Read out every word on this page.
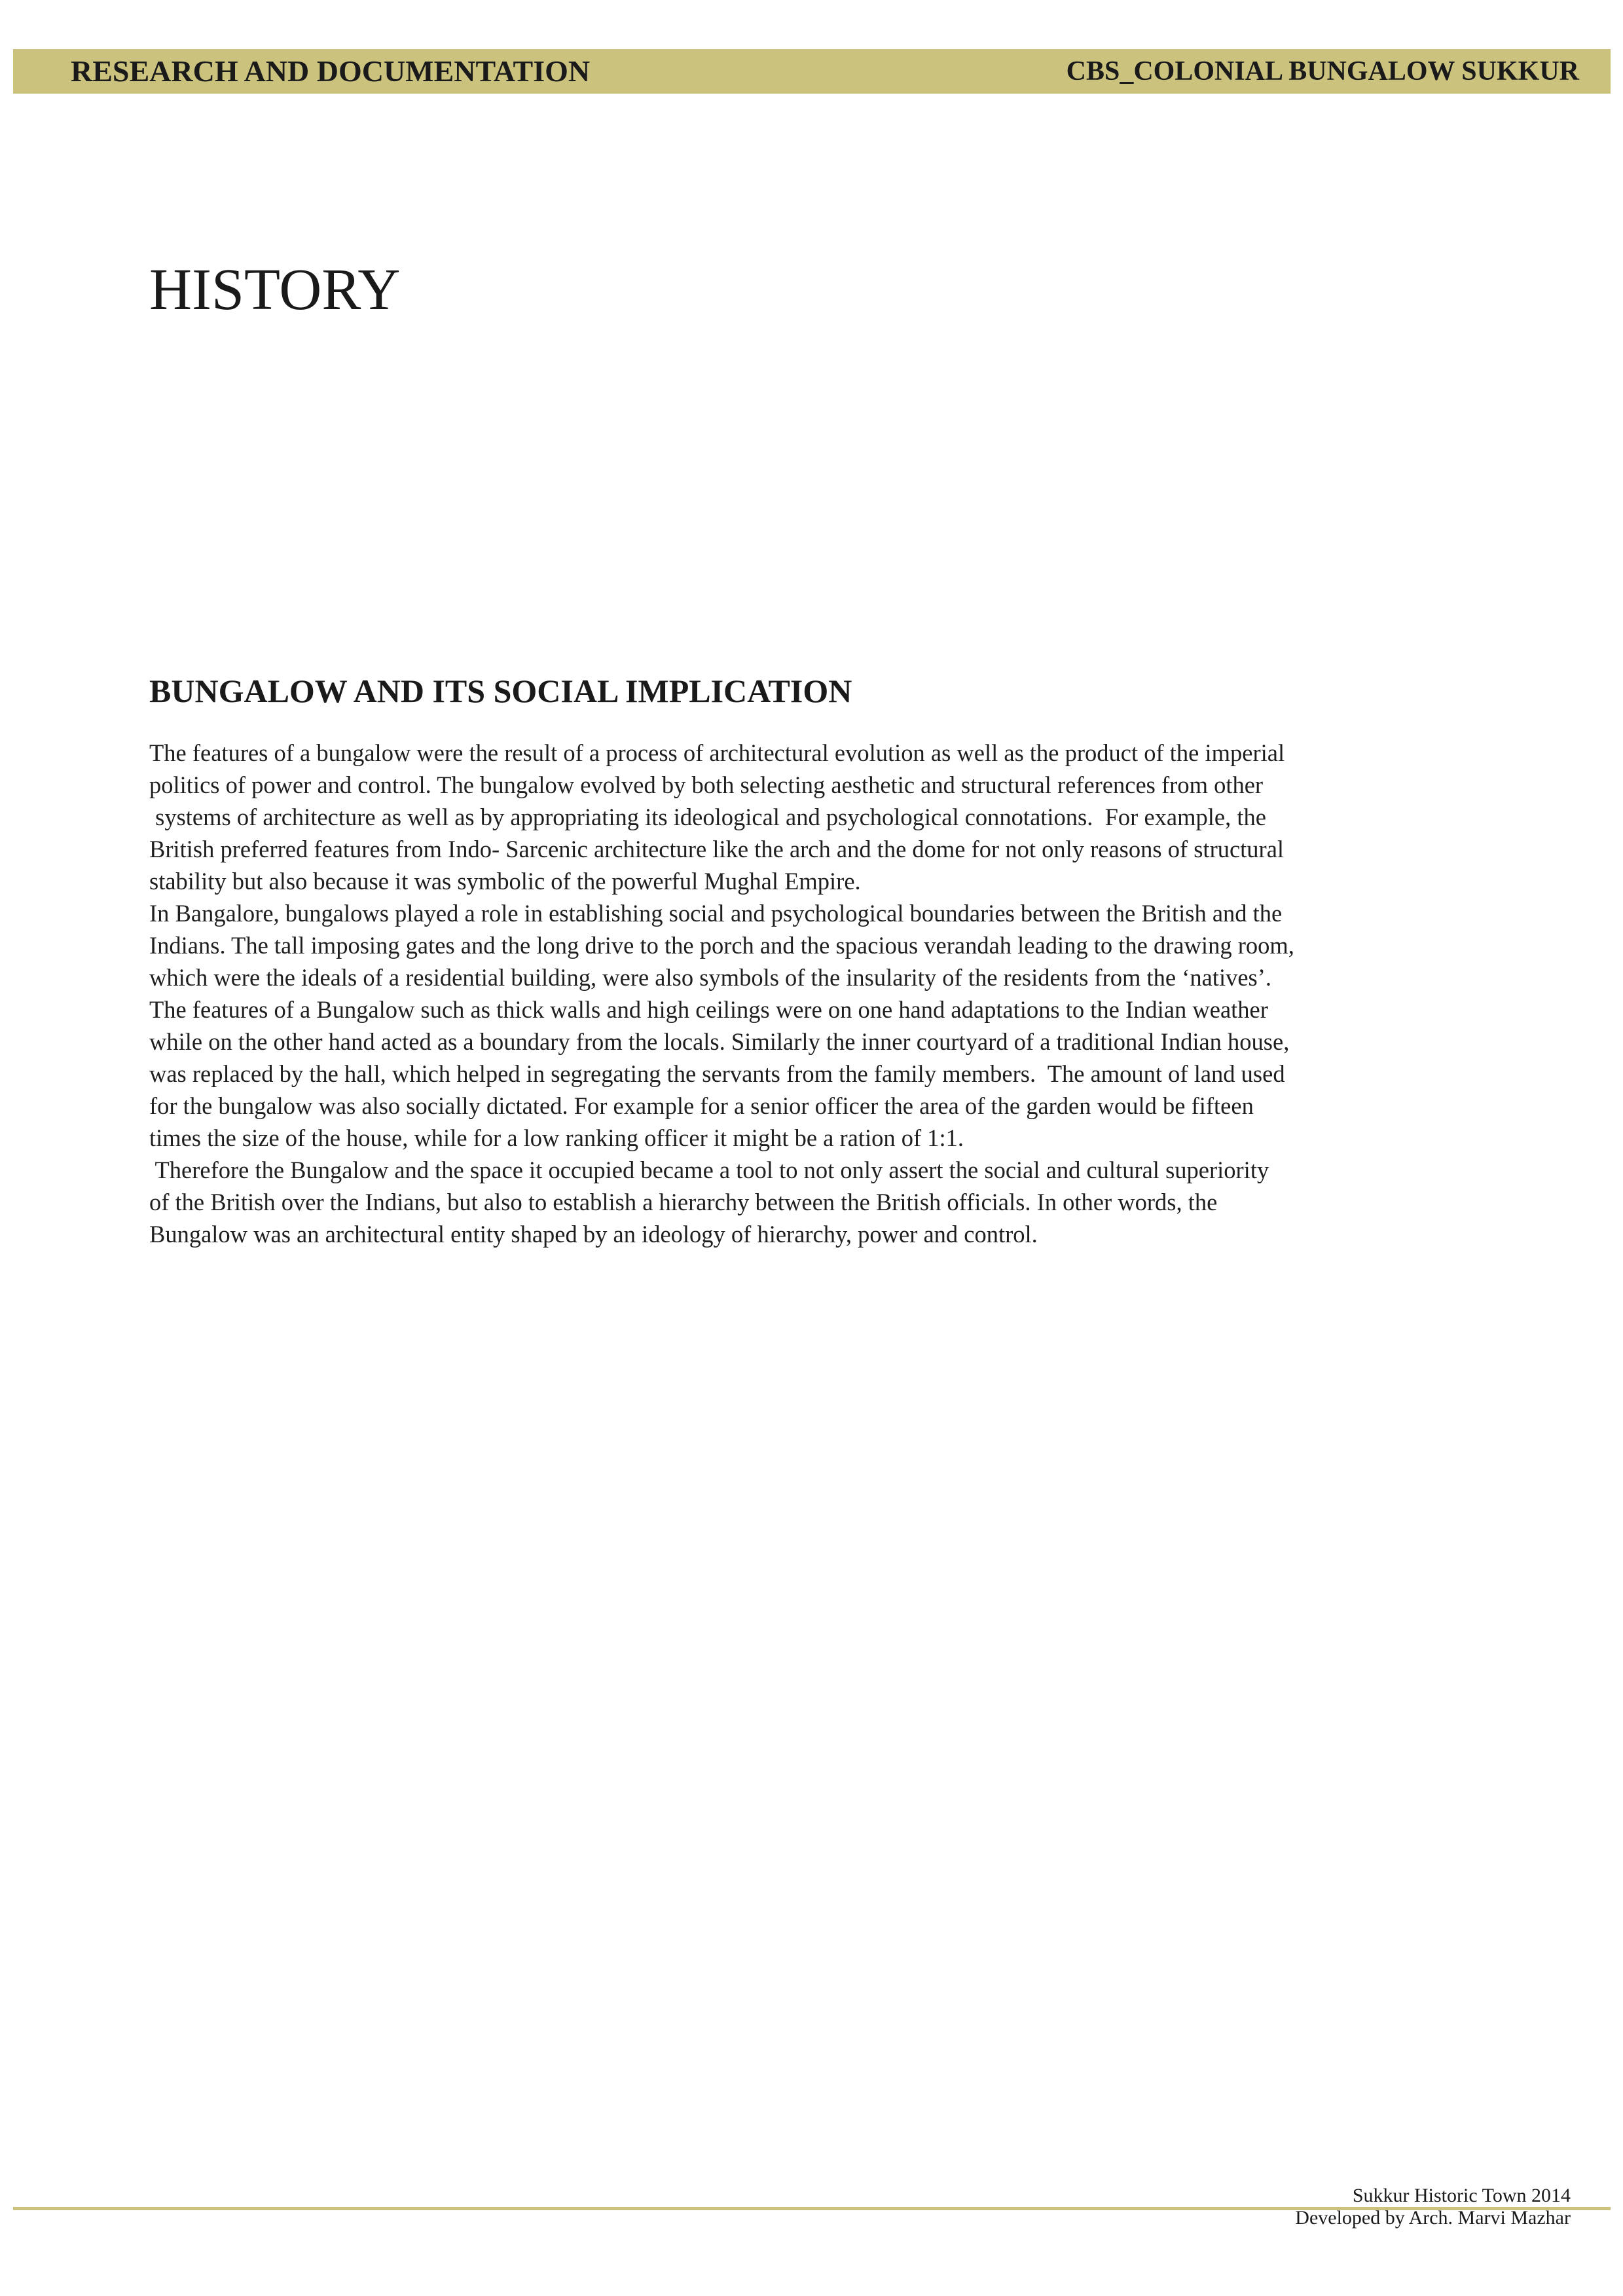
RESEARCH AND DOCUMENTATION	CBS_COLONIAL BUNGALOW SUKKUR
HISTORY
BUNGALOW AND ITS SOCIAL IMPLICATION
The features of a bungalow were the result of a process of architectural evolution as well as the product of the imperial
politics of power and control. The bungalow evolved by both selecting aesthetic and structural references from other
systems of architecture as well as by appropriating its ideological and psychological connotations.  For example, the
British preferred features from Indo- Sarcenic architecture like the arch and the dome for not only reasons of structural
stability but also because it was symbolic of the powerful Mughal Empire.
In Bangalore, bungalows played a role in establishing social and psychological boundaries between the British and the
Indians. The tall imposing gates and the long drive to the porch and the spacious verandah leading to the drawing room,
which were the ideals of a residential building, were also symbols of the insularity of the residents from the ‘natives’.
The features of a Bungalow such as thick walls and high ceilings were on one hand adaptations to the Indian weather
while on the other hand acted as a boundary from the locals. Similarly the inner courtyard of a traditional Indian house,
was replaced by the hall, which helped in segregating the servants from the family members.  The amount of land used
for the bungalow was also socially dictated. For example for a senior officer the area of the garden would be fifteen
times the size of the house, while for a low ranking officer it might be a ration of 1:1.
Therefore the Bungalow and the space it occupied became a tool to not only assert the social and cultural superiority
of the British over the Indians, but also to establish a hierarchy between the British officials. In other words, the
Bungalow was an architectural entity shaped by an ideology of hierarchy, power and control.
Sukkur Historic Town 2014
Developed by Arch. Marvi Mazhar
